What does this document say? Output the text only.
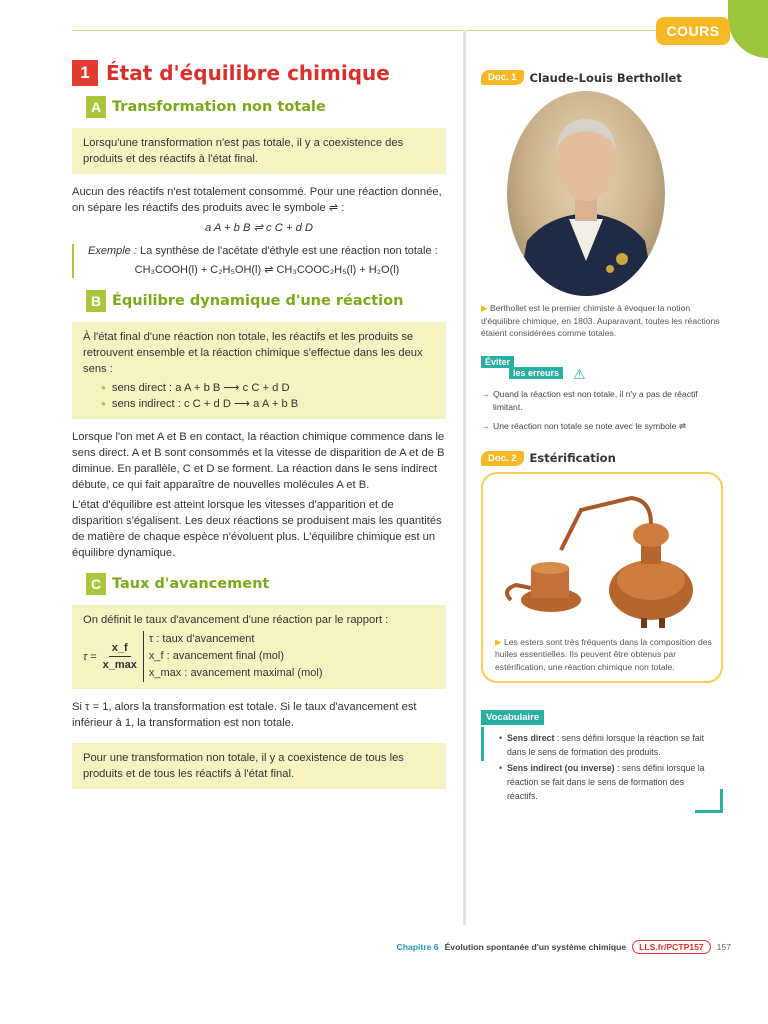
COURS
1 État d'équilibre chimique
A Transformation non totale
Lorsqu'une transformation n'est pas totale, il y a coexistence des produits et des réactifs à l'état final.

Aucun des réactifs n'est totalement consommé. Pour une réaction donnée, on sépare les réactifs des produits avec le symbole ⇌ :

a A + b B ⇌ c C + d D

Exemple : La synthèse de l'acétate d'éthyle est une réaction non totale :
CH₃COOH(l) + C₂H₅OH(l) ⇌ CH₃COOC₂H₅(l) + H₂O(l)
B Équilibre dynamique d'une réaction
À l'état final d'une réaction non totale, les réactifs et les produits se retrouvent ensemble et la réaction chimique s'effectue dans les deux sens :
● sens direct : a A + b B ⟶ c C + d D
● sens indirect : c C + d D ⟶ a A + b B

Lorsque l'on met A et B en contact, la réaction chimique commence dans le sens direct. A et B sont consommés et la vitesse de disparition de A et de B diminue. En parallèle, C et D se forment. La réaction dans le sens indirect débute, ce qui fait apparaître de nouvelles molécules A et B.

L'état d'équilibre est atteint lorsque les vitesses d'apparition et de disparition s'égalisent. Les deux réactions se produisent mais les quantités de matière de chaque espèce n'évoluent plus. L'équilibre chimique est un équilibre dynamique.

C Taux d'avancement
On définit le taux d'avancement d'une réaction par le rapport :
$\tau = \frac{x\_f}{x\_\max}$
τ : taux d'avancement
x_f : avancement final (mol)
x_max : avancement maximal (mol)

Si τ = 1, alors la transformation est totale. Si le taux d'avancement est inférieur à 1, la transformation est non totale.

Pour une transformation non totale, il y a coexistence de tous les produits et de tous les réactifs à l'état final.
Doc. 1	Claude-Louis Berthollet

▶ Berthollet est le premier chimiste à évoquer la notion d'équilibre chimique, en 1803. Auparavant, toutes les réactions étaient considérées comme totales.

Éviter
les erreurs ⚠
→ Quand la réaction est non totale, il n'y a pas de réactif limitant.
→ Une réaction non totale se note avec le symbole ⇌
Doc. 2	Estérification

▶ Les esters sont très fréquents dans la composition des huiles essentielles. Ils peuvent être obtenus par estérification, une réaction chimique non totale.

Vocabulaire
• Sens direct : sens défini lorsque la réaction se fait dans le sens de formation des produits.
• Sens indirect (ou inverse) : sens défini lorsque la réaction se fait dans le sens de formation des réactifs.
Chapitre 6 Évolution spontanée d'un système chimique	LLS.fr/PCTP157	157
